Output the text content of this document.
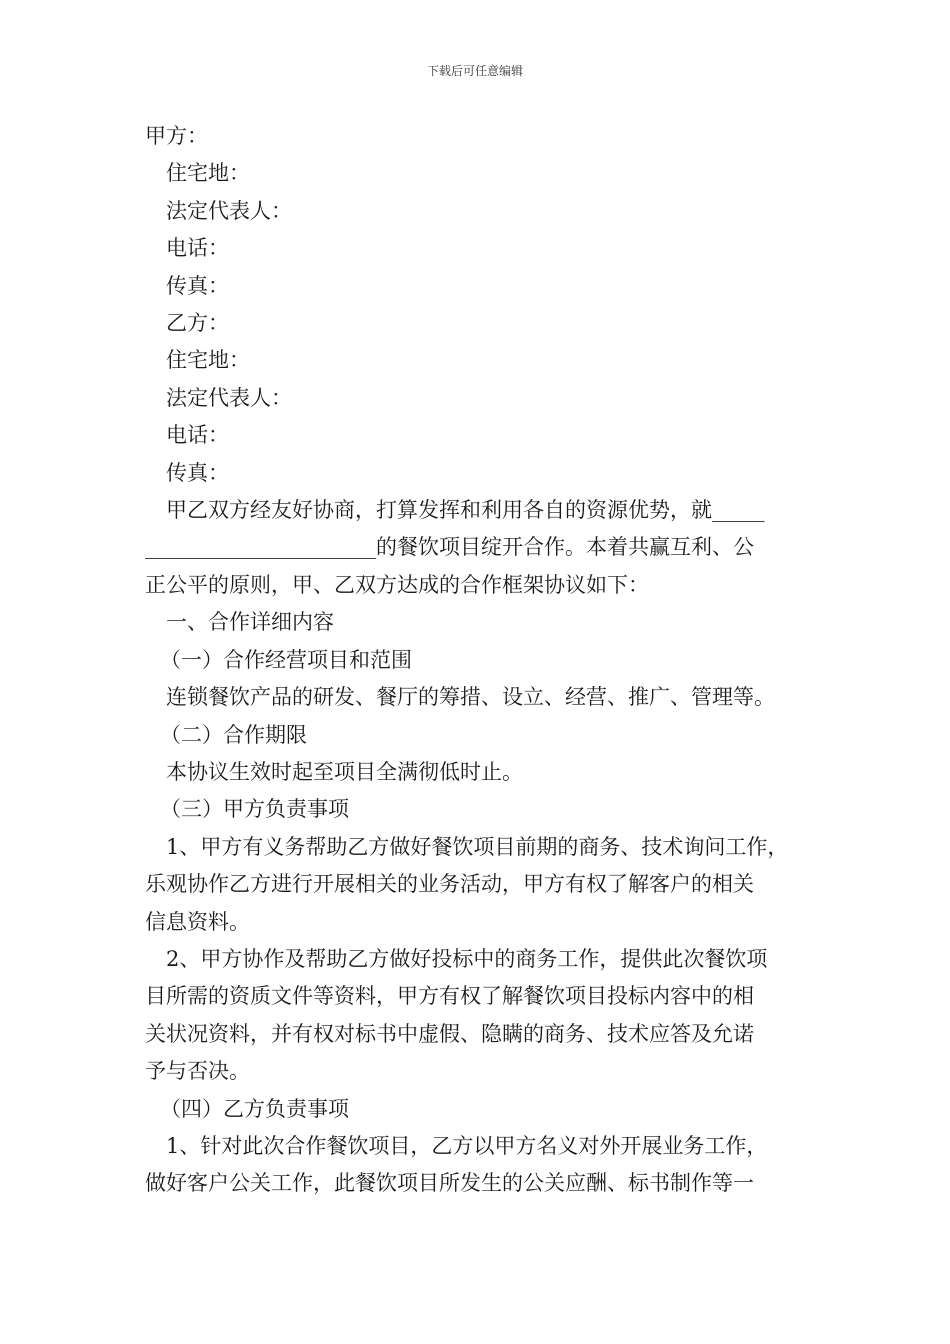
下载后可任意编辑
甲方：
住宅地：
法定代表人：
电话：
传真：
乙方：
住宅地：
法定代表人：
电话：
传真：
甲乙双方经友好协商，打算发挥和利用各自的资源优势，就_____
______________________的餐饮项目绽开合作。本着共赢互利、公
正公平的原则，甲、乙双方达成的合作框架协议如下：
一、合作详细内容
（一）合作经营项目和范围
连锁餐饮产品的研发、餐厅的筹措、设立、经营、推广、管理等。
（二）合作期限
本协议生效时起至项目全满彻低时止。
（三）甲方负责事项
1、甲方有义务帮助乙方做好餐饮项目前期的商务、技术询问工作，
乐观协作乙方进行开展相关的业务活动，甲方有权了解客户的相关
信息资料。
2、甲方协作及帮助乙方做好投标中的商务工作，提供此次餐饮项
目所需的资质文件等资料，甲方有权了解餐饮项目投标内容中的相
关状况资料，并有权对标书中虚假、隐瞒的商务、技术应答及允诺
予与否决。
（四）乙方负责事项
1、针对此次合作餐饮项目，乙方以甲方名义对外开展业务工作，
做好客户公关工作，此餐饮项目所发生的公关应酬、标书制作等一
